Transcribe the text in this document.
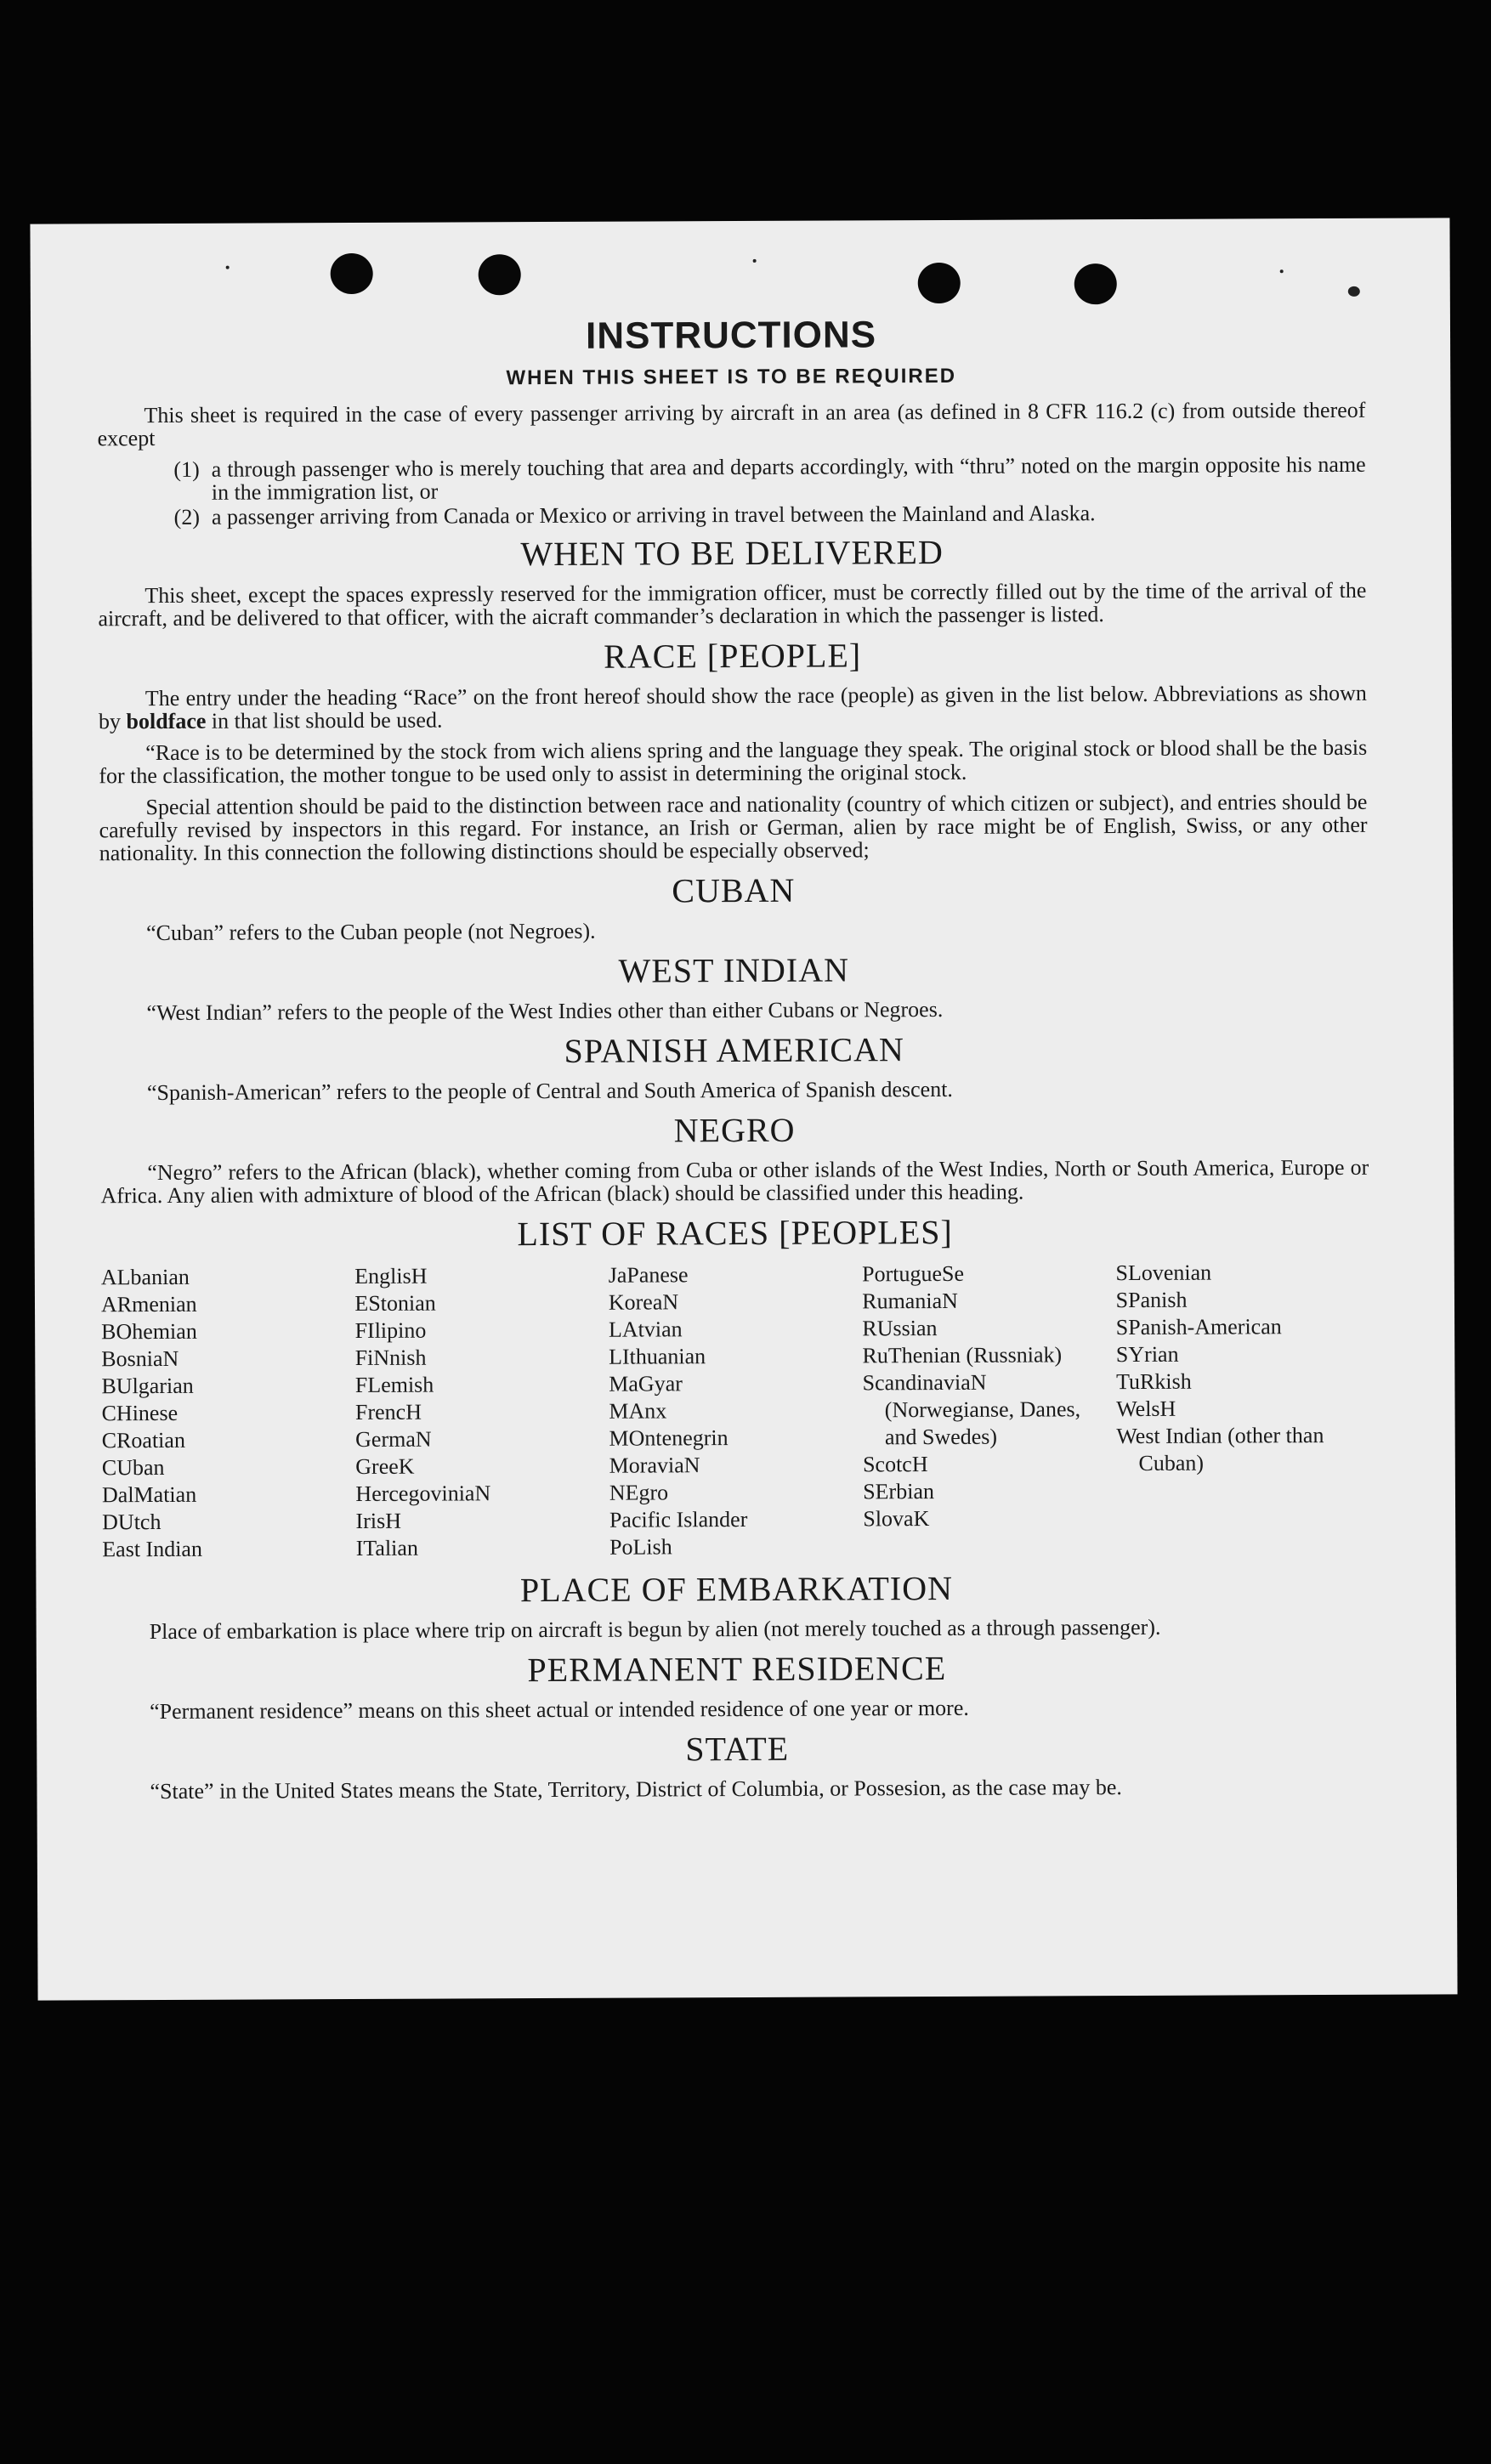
INSTRUCTIONS
WHEN THIS SHEET IS TO BE REQUIRED

This sheet is required in the case of every passenger arriving by aircraft in an area (as defined in 8 CFR 116.2 (c) from outside thereof except

(1) a through passenger who is merely touching that area and departs accordingly, with “thru” noted on the margin opposite his name in the immigration list, or
(2) a passenger arriving from Canada or Mexico or arriving in travel between the Mainland and Alaska.
WHEN TO BE DELIVERED

This sheet, except the spaces expressly reserved for the immigration officer, must be correctly filled out by the time of the arrival of the aircraft, and be delivered to that officer, with the aicraft commander’s declaration in which the passenger is listed.

RACE [PEOPLE]

The entry under the heading “Race” on the front hereof should show the race (people) as given in the list below. Abbreviations as shown by boldface in that list should be used.

“Race is to be determined by the stock from wich aliens spring and the language they speak. The original stock or blood shall be the basis for the classification, the mother tongue to be used only to assist in determining the original stock.

Special attention should be paid to the distinction between race and nationality (country of which citizen or subject), and entries should be carefully revised by inspectors in this regard. For instance, an Irish or German, alien by race might be of English, Swiss, or any other nationality. In this connection the following distinctions should be especially observed;

CUBAN

“Cuban” refers to the Cuban people (not Negroes).

WEST INDIAN

“West Indian” refers to the people of the West Indies other than either Cubans or Negroes.

SPANISH AMERICAN

“Spanish-American” refers to the people of Central and South America of Spanish descent.

NEGRO

“Negro” refers to the African (black), whether coming from Cuba or other islands of the West Indies, North or South America, Europe or Africa. Any alien with admixture of blood of the African (black) should be classified under this heading.

LIST OF RACES [PEOPLES]
ALbanian
ARmenian
BOhemian
BosniaN
BUlgarian
CHinese
CRoatian
CUban
DalMatian
DUtch
East Indian
EnglisH
EStonian
FIlipino
FiNnish
FLemish
FrencH
GermaN
GreeK
HercegoviniaN
IrisH
ITalian
JaPanese
KoreaN
LAtvian
LIthuanian
MaGyar
MAnx
MOntenegrin
MoraviaN
NEgro
Pacific Islander
PoLish
PortugueSe
RumaniaN
RUssian
RuThenian (Russniak)
ScandinaviaN (Norwegianse, Danes, and Swedes)
ScotcH
SErbian
SlovaK
SLovenian
SPanish
SPanish-American
SYrian
TuRkish
WelsH
West Indian (other than Cuban)
PLACE OF EMBARKATION

Place of embarkation is place where trip on aircraft is begun by alien (not merely touched as a through passenger).

PERMANENT RESIDENCE

“Permanent residence” means on this sheet actual or intended residence of one year or more.

STATE

“State” in the United States means the State, Territory, District of Columbia, or Possesion, as the case may be.
